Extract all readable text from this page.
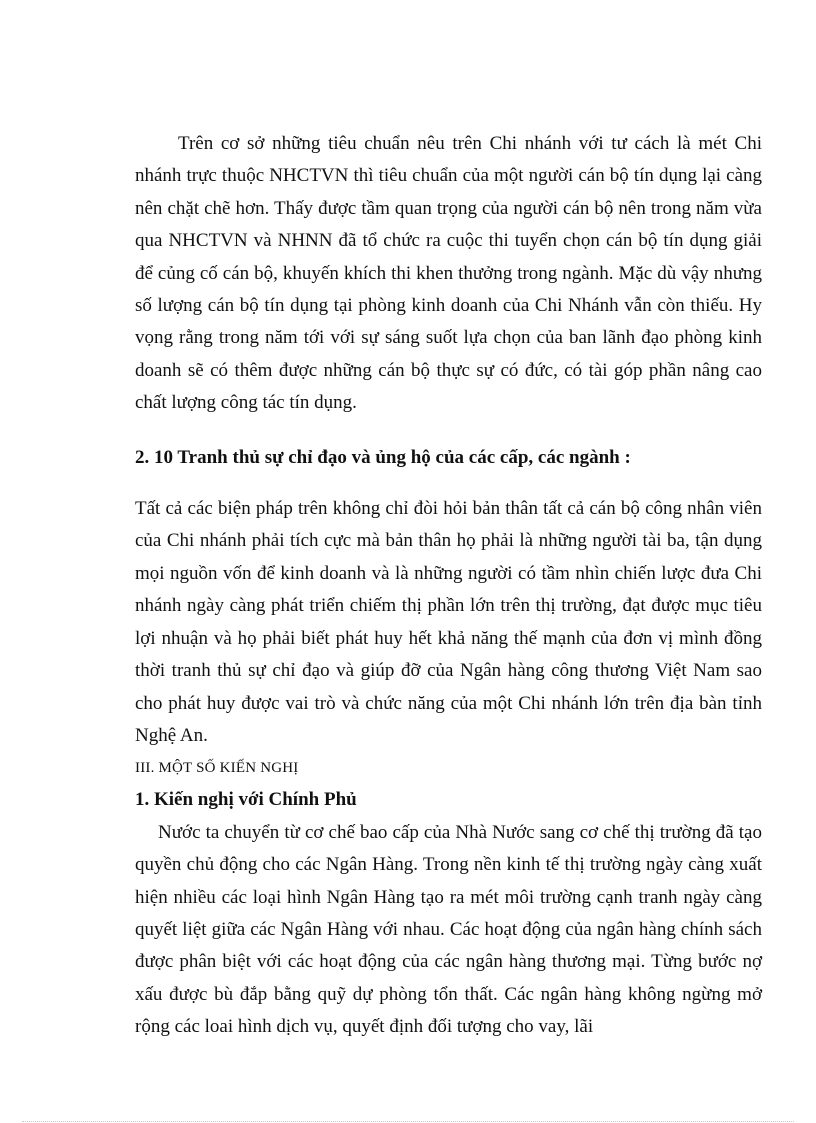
Trên cơ sở những tiêu chuẩn nêu trên Chi nhánh với tư cách là mét Chi nhánh trực thuộc NHCTVN thì tiêu chuẩn của một người cán bộ tín dụng lại càng nên chặt chẽ hơn. Thấy được tầm quan trọng của người cán bộ nên trong năm vừa qua NHCTVN và NHNN đã tổ chức ra cuộc thi tuyển chọn cán bộ tín dụng giải để củng cố cán bộ, khuyến khích thi khen thưởng trong ngành. Mặc dù vậy nhưng số lượng cán bộ tín dụng tại phòng kinh doanh của Chi Nhánh vẫn còn thiếu. Hy vọng rằng trong năm tới với sự sáng suốt lựa chọn của ban lãnh đạo phòng kinh doanh sẽ có thêm được những cán bộ thực sự có đức, có tài góp phần nâng cao chất lượng công tác tín dụng.

2. 10 Tranh thủ sự chỉ đạo và ủng hộ của các cấp, các ngành :

Tất cả các biện pháp trên không chỉ đòi hỏi bản thân tất cả cán bộ công nhân viên của Chi nhánh phải tích cực mà bản thân họ phải là những người tài ba, tận dụng mọi nguồn vốn để kinh doanh và là những người có tầm nhìn chiến lược đưa Chi nhánh ngày càng phát triển chiếm thị phần lớn trên thị trường, đạt được mục tiêu lợi nhuận và họ phải biết phát huy hết khả năng thế mạnh của đơn vị mình đồng thời tranh thủ sự chỉ đạo và giúp đỡ của Ngân hàng công thương Việt Nam sao cho phát huy được vai trò và chức năng của một Chi nhánh lớn trên địa bàn tỉnh Nghệ An.

III. MỘT SỐ KIẾN NGHỊ

1. Kiến nghị với Chính Phủ

Nước ta chuyển từ cơ chế bao cấp của Nhà Nước sang cơ chế thị trường đã tạo quyền chủ động cho các Ngân Hàng. Trong nền kinh tế thị trường ngày càng xuất hiện nhiều các loại hình Ngân Hàng tạo ra mét môi trường cạnh tranh ngày càng quyết liệt giữa các Ngân Hàng với nhau. Các hoạt động của ngân hàng chính sách được phân biệt với các hoạt động của các ngân hàng thương mại. Từng bước nợ xấu được bù đắp bằng quỹ dự phòng tổn thất. Các ngân hàng không ngừng mở rộng các loai hình dịch vụ, quyết định đối tượng cho vay, lãi
